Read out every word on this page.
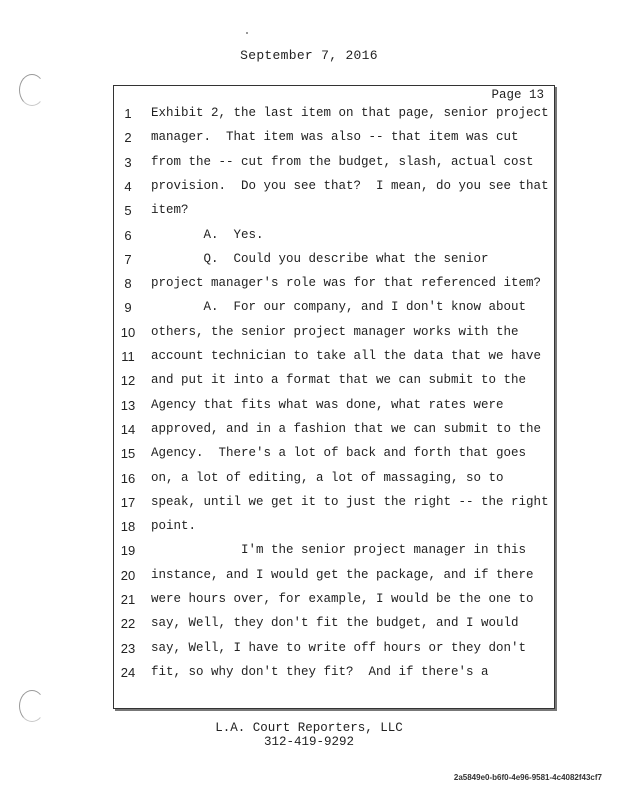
September 7, 2016
Page 13
1	Exhibit 2, the last item on that page, senior project
2	manager.  That item was also -- that item was cut
3	from the -- cut from the budget, slash, actual cost
4	provision.  Do you see that?  I mean, do you see that
5	item?
6	A.  Yes.
7	Q.  Could you describe what the senior
8	project manager's role was for that referenced item?
9	A.  For our company, and I don't know about
10	others, the senior project manager works with the
11	account technician to take all the data that we have
12	and put it into a format that we can submit to the
13	Agency that fits what was done, what rates were
14	approved, and in a fashion that we can submit to the
15	Agency.  There's a lot of back and forth that goes
16	on, a lot of editing, a lot of massaging, so to
17	speak, until we get it to just the right -- the right
18	point.
19	I'm the senior project manager in this
20	instance, and I would get the package, and if there
21	were hours over, for example, I would be the one to
22	say, Well, they don't fit the budget, and I would
23	say, Well, I have to write off hours or they don't
24	fit, so why don't they fit?  And if there's a
L.A. Court Reporters, LLC
312-419-9292
2a5849e0-b6f0-4e96-9581-4c4082f43cf7
